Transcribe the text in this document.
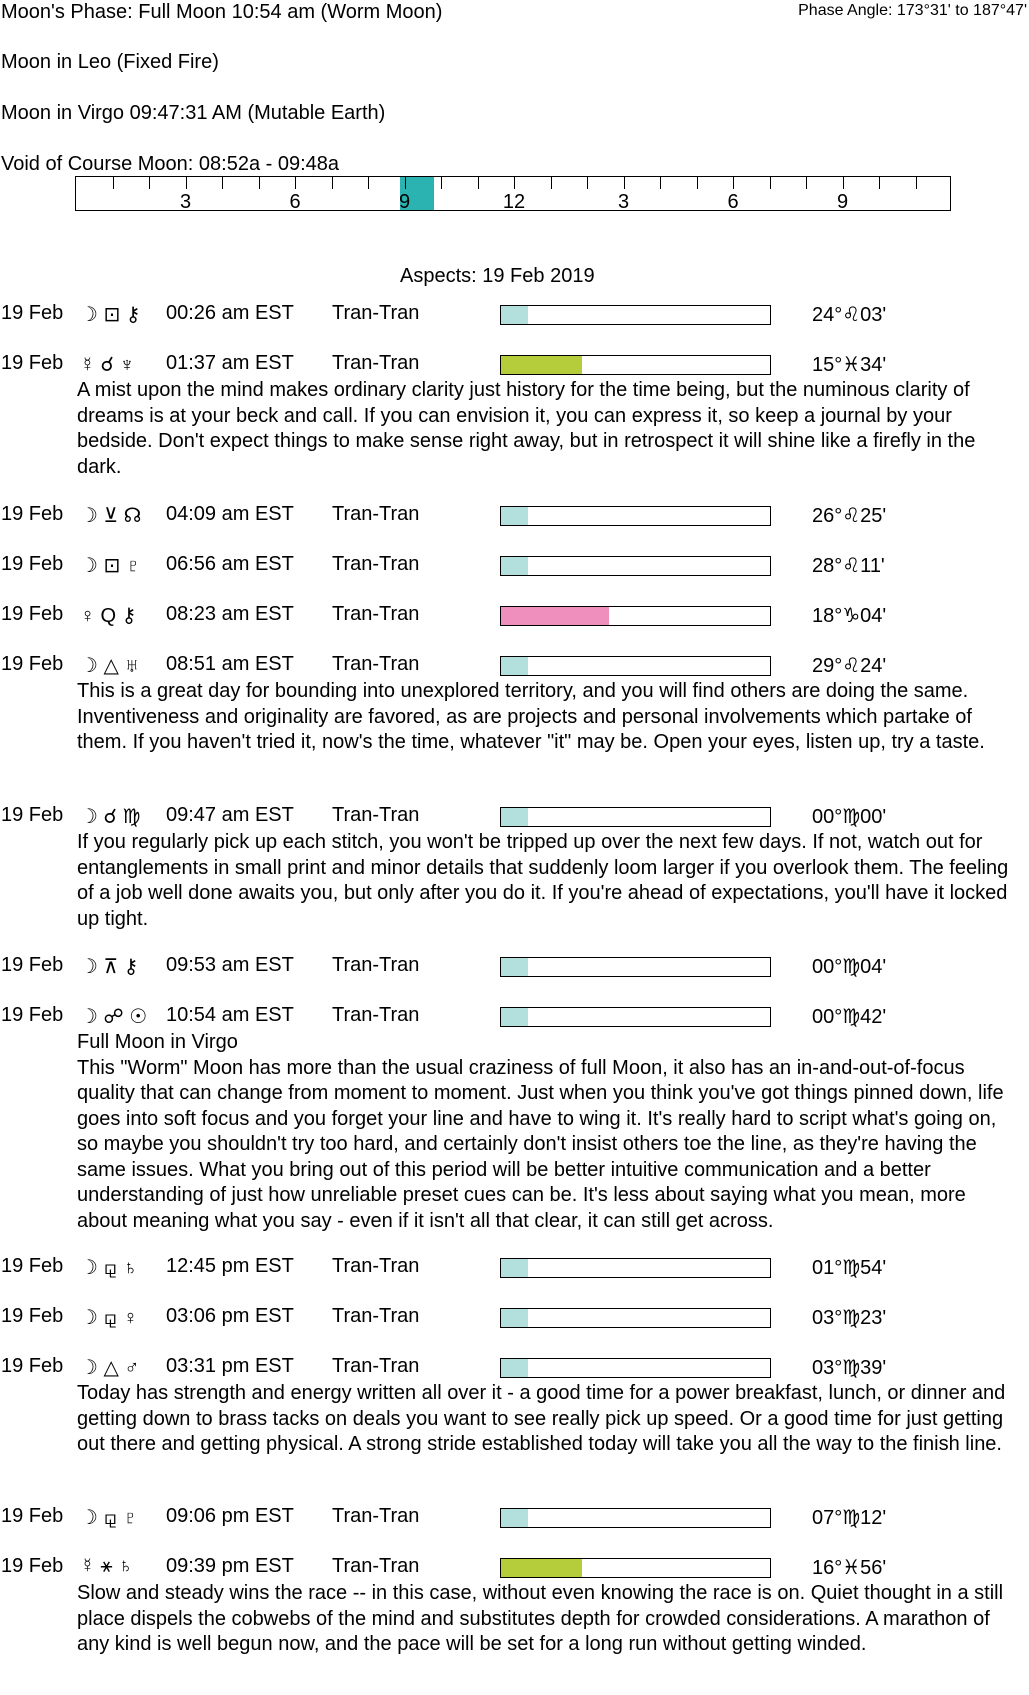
Moon's Phase: Full Moon 10:54 am (Worm Moon)	Phase Angle: 173°31' to 187°47'
Moon in Leo (Fixed Fire)
Moon in Virgo 09:47:31 AM (Mutable Earth)
Void of Course Moon: 08:52a - 09:48a
3	6	9	12	3	6	9
Aspects: 19 Feb 2019
19 Feb ☽ ⊡ ⚷ 00:26 am EST Tran-Tran	24°♌03'
19 Feb ☿ ☌ ♆ 01:37 am EST Tran-Tran	15°♓34'
A mist upon the mind makes ordinary clarity just history for the time being, but the numinous clarity of dreams is at your beck and call. If you can envision it, you can express it, so keep a journal by your bedside. Don't expect things to make sense right away, but in retrospect it will shine like a firefly in the dark.
19 Feb ☽ ⊻ ☊ 04:09 am EST Tran-Tran	26°♌25'
19 Feb ☽ ⊡ ♇ 06:56 am EST Tran-Tran	28°♌11'
19 Feb ♀ Q ⚷ 08:23 am EST Tran-Tran	18°♑04'
19 Feb ☽ △ ♅ 08:51 am EST Tran-Tran	29°♌24'
This is a great day for bounding into unexplored territory, and you will find others are doing the same. Inventiveness and originality are favored, as are projects and personal involvements which partake of them. If you haven't tried it, now's the time, whatever "it" may be. Open your eyes, listen up, try a taste.
19 Feb ☽ ☌ ♍ 09:47 am EST Tran-Tran	00°♍00'
If you regularly pick up each stitch, you won't be tripped up over the next few days. If not, watch out for entanglements in small print and minor details that suddenly loom larger if you overlook them. The feeling of a job well done awaits you, but only after you do it. If you're ahead of expectations, you'll have it locked up tight.
19 Feb ☽ ⊼ ⚷ 09:53 am EST Tran-Tran	00°♍04'
19 Feb ☽ ☍ ☉ 10:54 am EST Tran-Tran	00°♍42'
Full Moon in Virgo
This "Worm" Moon has more than the usual craziness of full Moon, it also has an in-and-out-of-focus quality that can change from moment to moment. Just when you think you've got things pinned down, life goes into soft focus and you forget your line and have to wing it. It's really hard to script what's going on, so maybe you shouldn't try too hard, and certainly don't insist others toe the line, as they're having the same issues. What you bring out of this period will be better intuitive communication and a better understanding of just how unreliable preset cues can be. It's less about saying what you mean, more about meaning what you say - even if it isn't all that clear, it can still get across.
19 Feb ☽ ⚼ ♄ 12:45 pm EST Tran-Tran	01°♍54'
19 Feb ☽ ⚼ ♀ 03:06 pm EST Tran-Tran	03°♍23'
19 Feb ☽ △ ♂ 03:31 pm EST Tran-Tran	03°♍39'
Today has strength and energy written all over it - a good time for a power breakfast, lunch, or dinner and getting down to brass tacks on deals you want to see really pick up speed. Or a good time for just getting out there and getting physical. A strong stride established today will take you all the way to the finish line.
19 Feb ☽ ⚼ ♇ 09:06 pm EST Tran-Tran	07°♍12'
19 Feb ☿ ⚹ ♄ 09:39 pm EST Tran-Tran	16°♓56'
Slow and steady wins the race -- in this case, without even knowing the race is on. Quiet thought in a still place dispels the cobwebs of the mind and substitutes depth for crowded considerations. A marathon of any kind is well begun now, and the pace will be set for a long run without getting winded.
